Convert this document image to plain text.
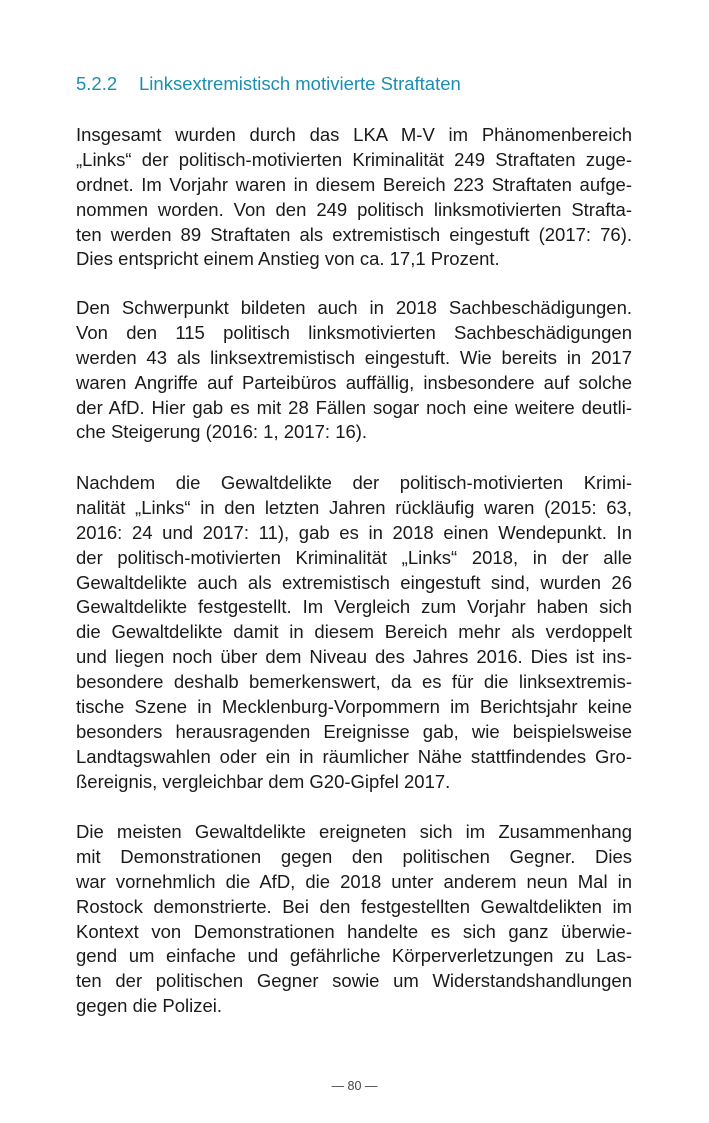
5.2.2 Linksextremistisch motivierte Straftaten
Insgesamt wurden durch das LKA M-V im Phänomenbereich
„Links“ der politisch-motivierten Kriminalität 249 Straftaten zuge-
ordnet. Im Vorjahr waren in diesem Bereich 223 Straftaten aufge-
nommen worden. Von den 249 politisch linksmotivierten Strafta-
ten werden 89 Straftaten als extremistisch eingestuft (2017: 76).
Dies entspricht einem Anstieg von ca. 17,1 Prozent.
Den Schwerpunkt bildeten auch in 2018 Sachbeschädigungen.
Von den 115 politisch linksmotivierten Sachbeschädigungen
werden 43 als linksextremistisch eingestuft. Wie bereits in 2017
waren Angriffe auf Parteibüros auffällig, insbesondere auf solche
der AfD. Hier gab es mit 28 Fällen sogar noch eine weitere deutli-
che Steigerung (2016: 1, 2017: 16).
Nachdem die Gewaltdelikte der politisch-motivierten Krimi-
nalität „Links“ in den letzten Jahren rückläufig waren (2015: 63,
2016: 24 und 2017: 11), gab es in 2018 einen Wendepunkt. In
der politisch-motivierten Kriminalität „Links“ 2018, in der alle
Gewaltdelikte auch als extremistisch eingestuft sind, wurden 26
Gewaltdelikte festgestellt. Im Vergleich zum Vorjahr haben sich
die Gewaltdelikte damit in diesem Bereich mehr als verdoppelt
und liegen noch über dem Niveau des Jahres 2016. Dies ist ins-
besondere deshalb bemerkenswert, da es für die linksextremis-
tische Szene in Mecklenburg-Vorpommern im Berichtsjahr keine
besonders herausragenden Ereignisse gab, wie beispielsweise
Landtagswahlen oder ein in räumlicher Nähe stattfindendes Gro-
ßereignis, vergleichbar dem G20-Gipfel 2017.
Die meisten Gewaltdelikte ereigneten sich im Zusammenhang
mit Demonstrationen gegen den politischen Gegner. Dies
war vornehmlich die AfD, die 2018 unter anderem neun Mal in
Rostock demonstrierte. Bei den festgestellten Gewaltdelikten im
Kontext von Demonstrationen handelte es sich ganz überwie-
gend um einfache und gefährliche Körperverletzungen zu Las-
ten der politischen Gegner sowie um Widerstandshandlungen
gegen die Polizei.
— 80 —
